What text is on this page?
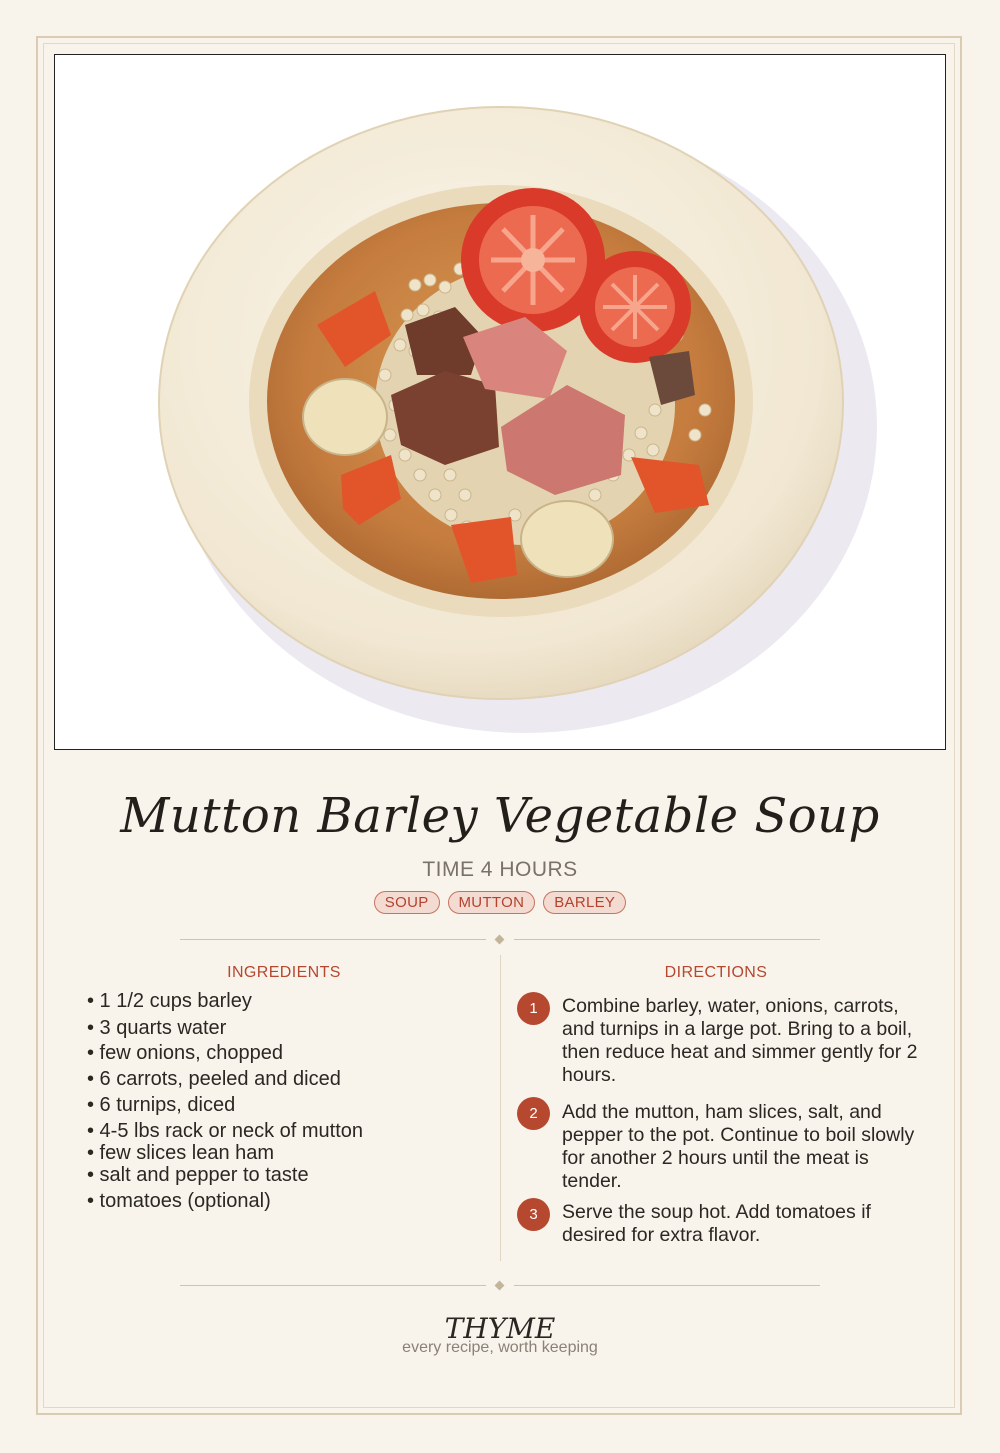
Mutton Barley Vegetable Soup
TIME 4 HOURS
SOUP MUTTON BARLEY
INGREDIENTS	DIRECTIONS
• 1 1/2 cups barley
• 3 quarts water
• few onions, chopped
• 6 carrots, peeled and diced
• 6 turnips, diced
• 4-5 lbs rack or neck of mutton
• few slices lean ham
• salt and pepper to taste
• tomatoes (optional)
1	Combine barley, water, onions, carrots, and turnips in a large pot. Bring to a boil, then reduce heat and simmer gently for 2 hours.
2	Add the mutton, ham slices, salt, and pepper to the pot. Continue to boil slowly for another 2 hours until the meat is tender.
3	Serve the soup hot. Add tomatoes if desired for extra flavor.
THYME
every recipe, worth keeping
